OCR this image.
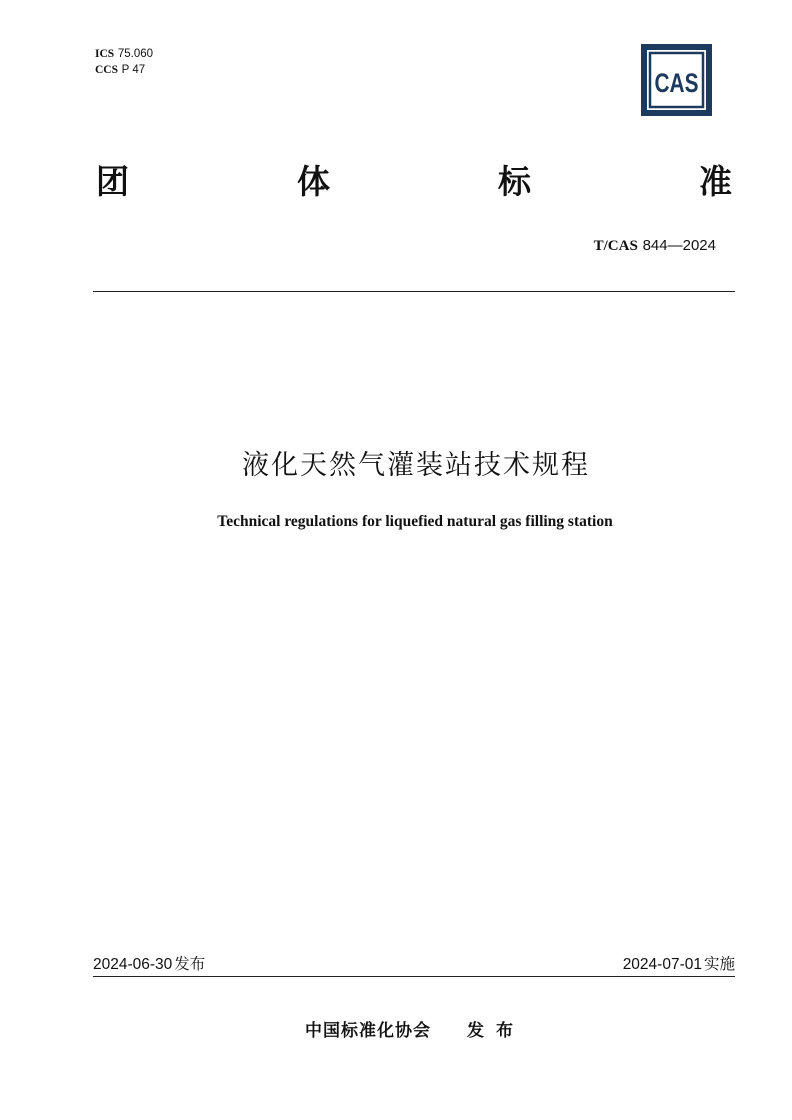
ICS 75.060
CCS P 47	CAS
团	体	标	准
T/CAS 844—2024
液化天然气灌装站技术规程
Technical regulations for liquefied natural gas filling station
2024-06-30 发布	2024-07-01 实施
中国标准化协会 发布
